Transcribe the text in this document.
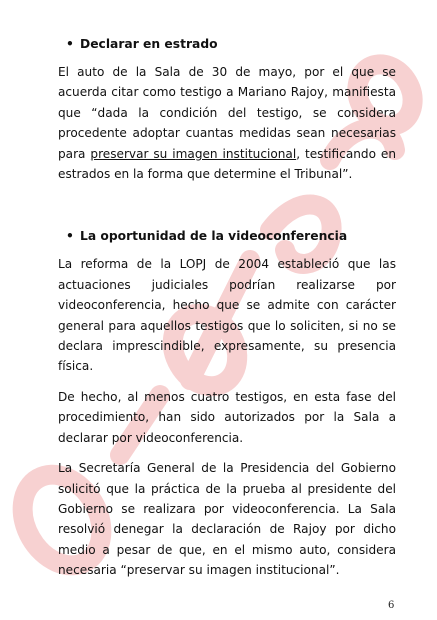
• Declarar en estrado

El auto de la Sala de 30 de mayo, por el que se acuerda citar como testigo a Mariano Rajoy, manifiesta que “dada la condición del testigo, se considera procedente adoptar cuantas medidas sean necesarias para preservar su imagen institucional, testificando en estrados en la forma que determine el Tribunal”.

• La oportunidad de la videoconferencia

La reforma de la LOPJ de 2004 estableció que las actuaciones judiciales podrían realizarse por videoconferencia, hecho que se admite con carácter general para aquellos testigos que lo soliciten, si no se declara imprescindible, expresamente, su presencia física.

De hecho, al menos cuatro testigos, en esta fase del procedimiento, han sido autorizados por la Sala a declarar por videoconferencia.

La Secretaría General de la Presidencia del Gobierno solicitó que la práctica de la prueba al presidente del Gobierno se realizara por videoconferencia. La Sala resolvió denegar la declaración de Rajoy por dicho medio a pesar de que, en el mismo auto, considera necesaria “preservar su imagen institucional”.

6
